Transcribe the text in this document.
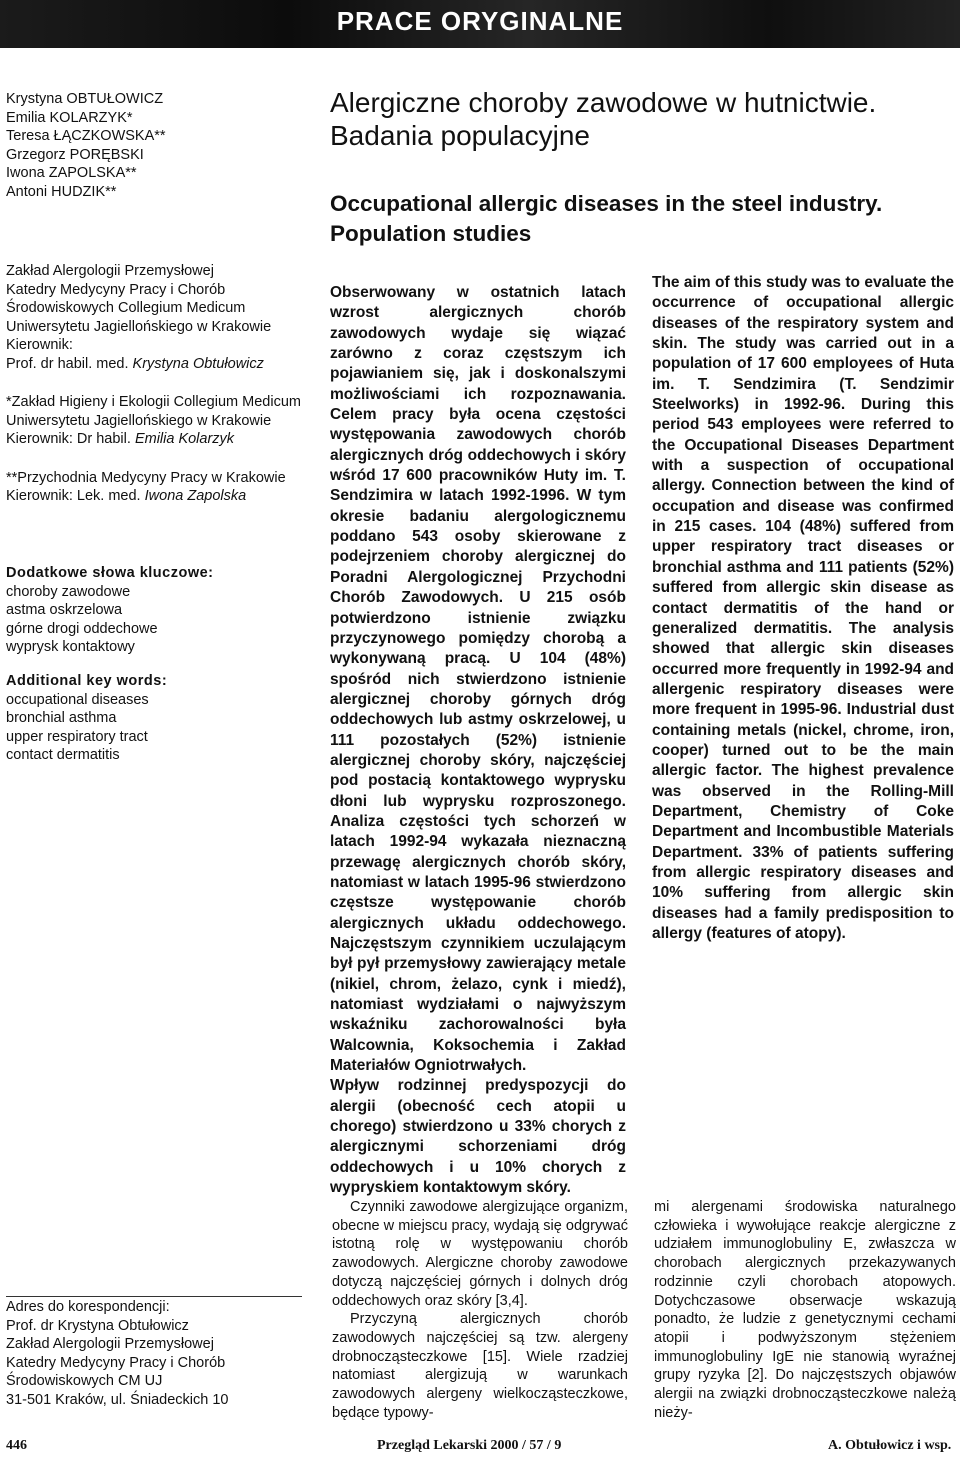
PRACE ORYGINALNE
Krystyna OBTUŁOWICZ
Emilia KOLARZYK*
Teresa ŁĄCZKOWSKA**
Grzegorz PORĘBSKI
Iwona ZAPOLSKA**
Antoni HUDZIK**
Alergiczne choroby zawodowe w hutnictwie.
Badania populacyjne
Occupational allergic diseases in the steel industry.
Population studies
Zakład Alergologii Przemysłowej
Katedry Medycyny Pracy i Chorób
Środowiskowych Collegium Medicum
Uniwersytetu Jagiellońskiego w Krakowie
Kierownik:
Prof. dr habil. med. Krystyna Obtułowicz
*Zakład Higieny i Ekologii Collegium Medicum
Uniwersytetu Jagiellońskiego w Krakowie
Kierownik: Dr habil. Emilia Kolarzyk
**Przychodnia Medycyny Pracy w Krakowie
Kierownik: Lek. med. Iwona Zapolska
Dodatkowe słowa kluczowe:
choroby zawodowe
astma oskrzelowa
górne drogi oddechowe
wyprysk kontaktowy
Additional key words:
occupational diseases
bronchial asthma
upper respiratory tract
contact dermatitis
Obserwowany w ostatnich latach wzrost alergicznych chorób zawodowych wydaje się wiązać zarówno z coraz częstszym ich pojawianiem się, jak i doskonalszymi możliwościami ich rozpoznawania. Celem pracy była ocena częstości występowania zawodowych chorób alergicznych dróg oddechowych i skóry wśród 17 600 pracowników Huty im. T. Sendzimira w latach 1992-1996. W tym okresie badaniu alergologicznemu poddano 543 osoby skierowane z podejrzeniem choroby alergicznej do Poradni Alergologicznej Przychodni Chorób Zawodowych. U 215 osób potwierdzono istnienie związku przyczynowego pomiędzy chorobą a wykonywaną pracą. U 104 (48%) spośród nich stwierdzono istnienie alergicznej choroby górnych dróg oddechowych lub astmy oskrzelowej, u 111 pozostałych (52%) istnienie alergicznej choroby skóry, najczęściej pod postacią kontaktowego wyprysku dłoni lub wyprysku rozproszonego. Analiza częstości tych schorzeń w latach 1992-94 wykazała nieznaczną przewagę alergicznych chorób skóry, natomiast w latach 1995-96 stwierdzono częstsze występowanie chorób alergicznych układu oddechowego. Najczęstszym czynnikiem uczulającym był pył przemysłowy zawierający metale (nikiel, chrom, żelazo, cynk i miedź), natomiast wydziałami o najwyższym wskaźniku zachorowalności była Walcownia, Koksochemia i Zakład Materiałów Ogniotrwałych.
Wpływ rodzinnej predyspozycji do alergii (obecność cech atopii u chorego) stwierdzono u 33% chorych z alergicznymi schorzeniami dróg oddechowych i u 10% chorych z wypryskiem kontaktowym skóry.
The aim of this study was to evaluate the occurrence of occupational allergic diseases of the respiratory system and skin. The study was carried out in a population of 17 600 employees of Huta im. T. Sendzimira (T. Sendzimir Steelworks) in 1992-96. During this period 543 employees were referred to the Occupational Diseases Department with a suspection of occupational allergy. Connection between the kind of occupation and disease was confirmed in 215 cases. 104 (48%) suffered from upper respiratory tract diseases or bronchial asthma and 111 patients (52%) suffered from allergic skin disease as contact dermatitis of the hand or generalized dermatitis. The analysis showed that allergic skin diseases occurred more frequently in 1992-94 and allergenic respiratory diseases were more frequent in 1995-96. Industrial dust containing metals (nickel, chrome, iron, cooper) turned out to be the main allergic factor. The highest prevalence was observed in the Rolling-Mill Department, Chemistry of Coke Department and Incombustible Materials Department. 33% of patients suffering from allergic respiratory diseases and 10% suffering from allergic skin diseases had a family predisposition to allergy (features of atopy).

Czynniki zawodowe alergizujące organizm, obecne w miejscu pracy, wydają się odgrywać istotną rolę w występowaniu chorób zawodowych. Alergiczne choroby zawodowe dotyczą najczęściej górnych i dolnych dróg oddechowych oraz skóry [3,4].

Przyczyną alergicznych chorób zawodowych najczęściej są tzw. alergeny drobnocząsteczkowe [15]. Wiele rzadziej natomiast alergizują w warunkach zawodowych alergeny wielkocząsteczkowe, będące typowy-

mi alergenami środowiska naturalnego człowieka i wywołujące reakcje alergiczne z udziałem immunoglobuliny E, zwłaszcza w chorobach alergicznych przekazywanych rodzinnie czyli chorobach atopowych. Dotychczasowe obserwacje wskazują ponadto, że ludzie z genetycznymi cechami atopii i podwyższonym stężeniem immunoglobuliny IgE nie stanowią wyraźnej grupy ryzyka [2]. Do najczęstszych objawów alergii na związki drobnocząsteczkowe należą nieży-

Adres do korespondencji:
Prof. dr Krystyna Obtułowicz
Zakład Alergologii Przemysłowej
Katedry Medycyny Pracy i Chorób
Środowiskowych CM UJ
31-501 Kraków, ul. Śniadeckich 10
446	Przegląd Lekarski 2000 / 57 / 9	A. Obtułowicz i wsp.
